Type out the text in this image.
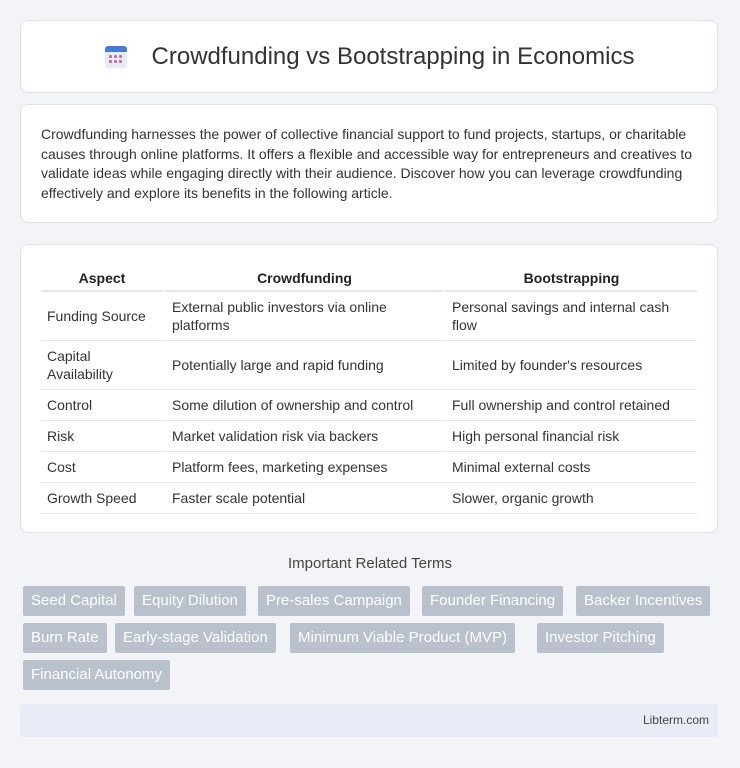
Crowdfunding vs Bootstrapping in Economics

Crowdfunding harnesses the power of collective financial support to fund projects, startups, or charitable causes through online platforms. It offers a flexible and accessible way for entrepreneurs and creatives to validate ideas while engaging directly with their audience. Discover how you can leverage crowdfunding effectively and explore its benefits in the following article.

Aspect	Crowdfunding	Bootstrapping
Funding Source	External public investors via online platforms	Personal savings and internal cash flow
Capital Availability	Potentially large and rapid funding	Limited by founder's resources
Control	Some dilution of ownership and control	Full ownership and control retained
Risk	Market validation risk via backers	High personal financial risk
Cost	Platform fees, marketing expenses	Minimal external costs
Growth Speed	Faster scale potential	Slower, organic growth
Important Related Terms
Seed Capital	Equity Dilution	Pre-sales Campaign	Founder Financing	Backer Incentives
Burn Rate	Early-stage Validation	Minimum Viable Product (MVP)	Investor Pitching
Financial Autonomy
Libterm.com
